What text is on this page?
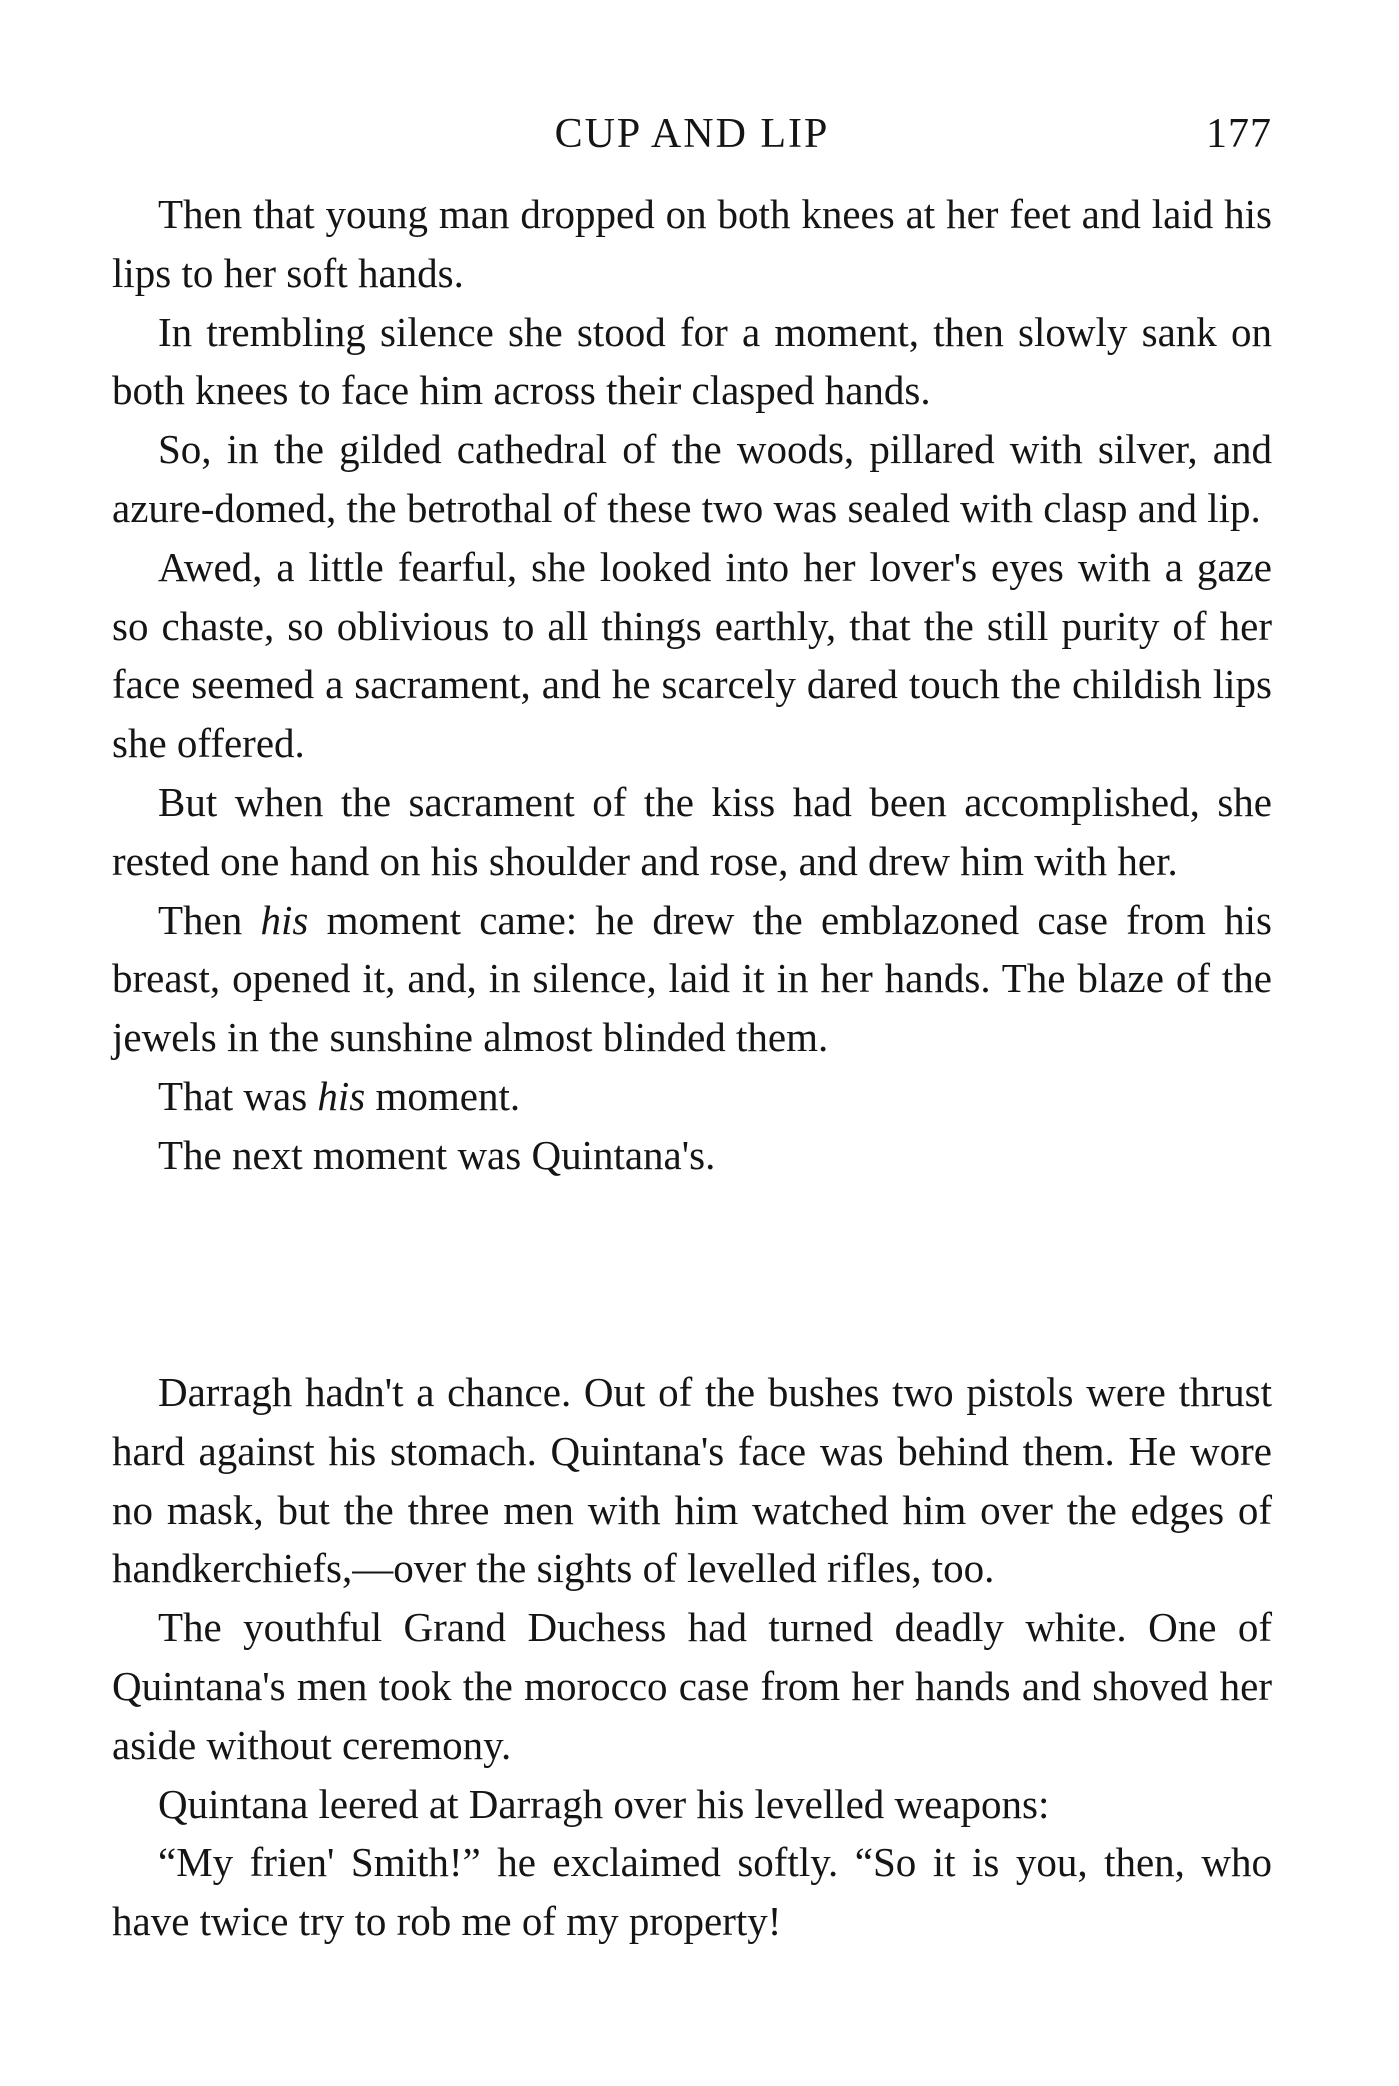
CUP AND LIP	177

Then that young man dropped on both knees at her feet and laid his lips to her soft hands.

In trembling silence she stood for a moment, then slowly sank on both knees to face him across their clasped hands.

So, in the gilded cathedral of the woods, pillared with silver, and azure-domed, the betrothal of these two was sealed with clasp and lip.

Awed, a little fearful, she looked into her lover's eyes with a gaze so chaste, so oblivious to all things earthly, that the still purity of her face seemed a sacrament, and he scarcely dared touch the childish lips she offered.

But when the sacrament of the kiss had been accomplished, she rested one hand on his shoulder and rose, and drew him with her.

Then his moment came: he drew the emblazoned case from his breast, opened it, and, in silence, laid it in her hands. The blaze of the jewels in the sunshine almost blinded them.

That was his moment.

The next moment was Quintana's.

Darragh hadn't a chance. Out of the bushes two pistols were thrust hard against his stomach. Quintana's face was behind them. He wore no mask, but the three men with him watched him over the edges of handkerchiefs,—over the sights of levelled rifles, too.

The youthful Grand Duchess had turned deadly white. One of Quintana's men took the morocco case from her hands and shoved her aside without ceremony.

Quintana leered at Darragh over his levelled weapons:

“My frien' Smith!” he exclaimed softly. “So it is you, then, who have twice try to rob me of my property!
